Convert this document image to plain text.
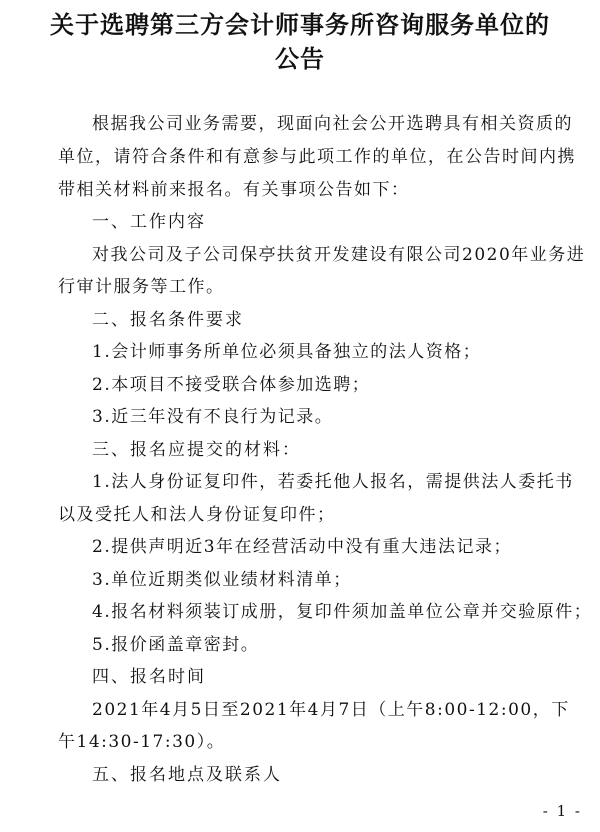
关于选聘第三方会计师事务所咨询服务单位的
公告

根据我公司业务需要，现面向社会公开选聘具有相关资质的

单位，请符合条件和有意参与此项工作的单位，在公告时间内携

带相关材料前来报名。有关事项公告如下：

一、工作内容

对我公司及子公司保亭扶贫开发建设有限公司2020年业务进

行审计服务等工作。

二、报名条件要求

1.会计师事务所单位必须具备独立的法人资格；

2.本项目不接受联合体参加选聘；

3.近三年没有不良行为记录。

三、报名应提交的材料：

1.法人身份证复印件，若委托他人报名，需提供法人委托书

以及受托人和法人身份证复印件；

2.提供声明近3年在经营活动中没有重大违法记录；

3.单位近期类似业绩材料清单；

4.报名材料须装订成册，复印件须加盖单位公章并交验原件；

5.报价函盖章密封。

四、报名时间

2021年4月5日至2021年4月7日（上午8:00-12:00，下

午14:30-17:30）。

五、报名地点及联系人

- 1 -
